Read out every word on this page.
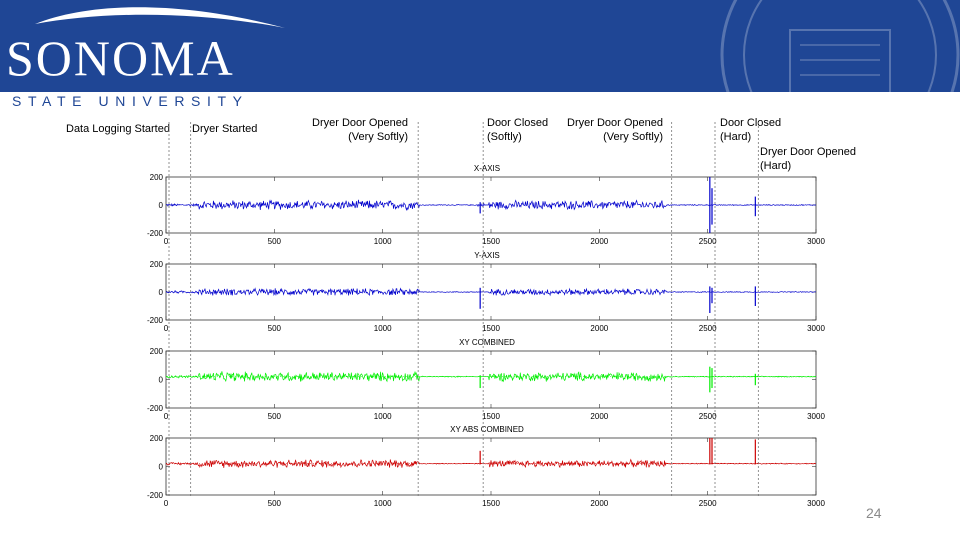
SONOMA
STATE UNIVERSITY
Data Logging Started Dryer Started	Dryer Door Opened
(Very Softly)
Door Closed
(Softly)
Dryer Door Opened
(Very Softly)
Door Closed
(Hard)
Dryer Door Opened
(Hard)
X-AXIS
-200
0
200
0	500	1000	1500	2000	2500	3000
Y-AXIS
-200
0
200
0	500	1000	1500	2000	2500	3000
XY COMBINED
-200
0
200
0	500	1000	1500	2000	2500	3000
XY ABS COMBINED
-200
0
200
0	500	1000	1500	2000	2500	3000
24
